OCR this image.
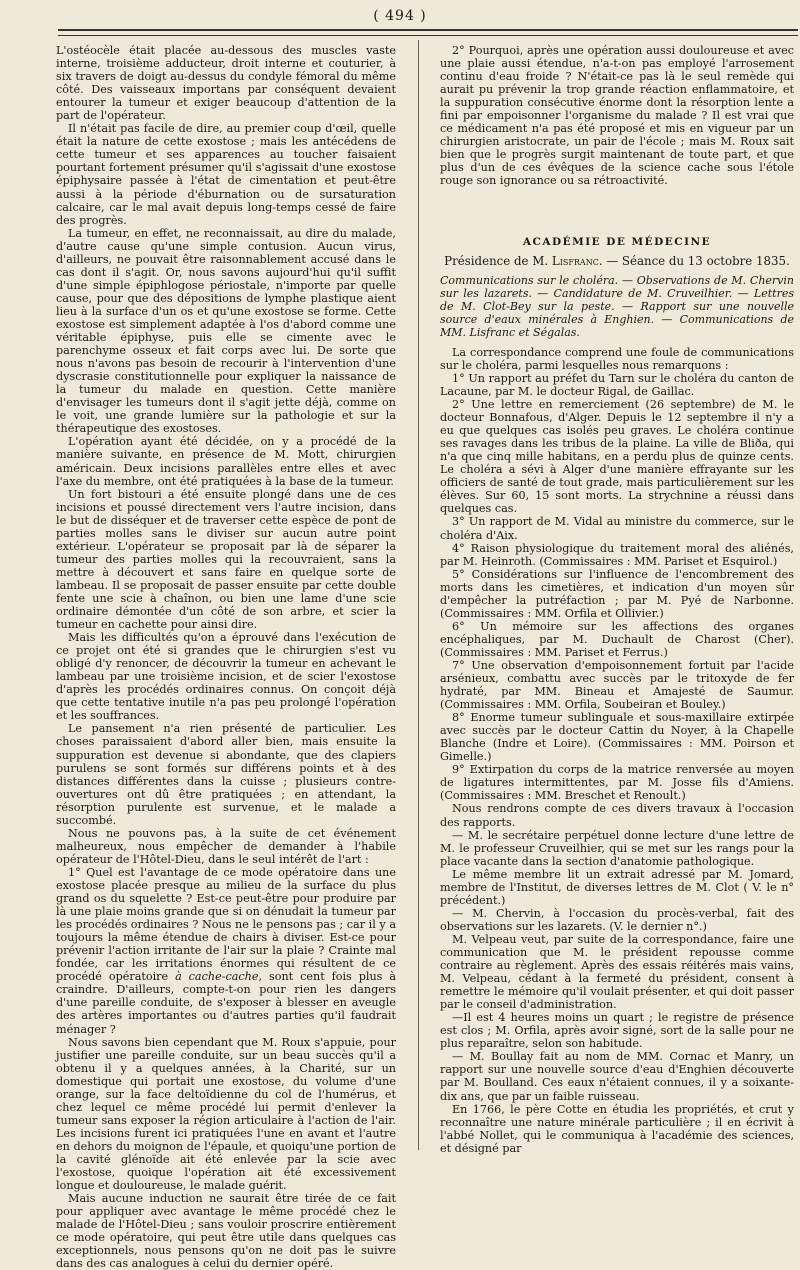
( 494 )

L'ostéocèle était placée au-dessous des muscles vaste interne, troisième adducteur, droit interne et couturier, à six travers de doigt au-dessus du condyle fémoral du même côté. Des vaisseaux importans par conséquent devaient entourer la tumeur et exiger beaucoup d'attention de la part de l'opérateur.

Il n'était pas facile de dire, au premier coup d'œil, quelle était la nature de cette exostose ; mais les antécédens de cette tumeur et ses apparences au toucher faisaient pourtant fortement présumer qu'il s'agissait d'une exostose épiphysaire passée à l'état de cimentation et peut-être aussi à la période d'éburnation ou de sursaturation calcaire, car le mal avait depuis long-temps cessé de faire des progrès.

La tumeur, en effet, ne reconnaissait, au dire du malade, d'autre cause qu'une simple contusion. Aucun virus, d'ailleurs, ne pouvait être raisonnablement accusé dans le cas dont il s'agit. Or, nous savons aujourd'hui qu'il suffit d'une simple épiphlogose périostale, n'importe par quelle cause, pour que des dépositions de lymphe plastique aient lieu à la surface d'un os et qu'une exostose se forme. Cette exostose est simplement adaptée à l'os d'abord comme une véritable épiphyse, puis elle se cimente avec le parenchyme osseux et fait corps avec lui. De sorte que nous n'avons pas besoin de recourir à l'intervention d'une dyscrasie constitutionnelle pour expliquer la naissance de la tumeur du malade en question. Cette manière d'envisager les tumeurs dont il s'agit jette déjà, comme on le voit, une grande lumière sur la pathologie et sur la thérapeutique des exostoses.

L'opération ayant été décidée, on y a procédé de la manière suivante, en présence de M. Mott, chirurgien américain. Deux incisions parallèles entre elles et avec l'axe du membre, ont été pratiquées à la base de la tumeur.

Un fort bistouri a été ensuite plongé dans une de ces incisions et poussé directement vers l'autre incision, dans le but de disséquer et de traverser cette espèce de pont de parties molles sans le diviser sur aucun autre point extérieur. L'opérateur se proposait par là de séparer la tumeur des parties molles qui la recouvraient, sans la mettre à découvert et sans faire en quelque sorte de lambeau. Il se proposait de passer ensuite par cette double fente une scie à chaînon, ou bien une lame d'une scie ordinaire démontée d'un côté de son arbre, et scier la tumeur en cachette pour ainsi dire.

Mais les difficultés qu'on a éprouvé dans l'exécution de ce projet ont été si grandes que le chirurgien s'est vu obligé d'y renoncer, de découvrir la tumeur en achevant le lambeau par une troisième incision, et de scier l'exostose d'après les procédés ordinaires connus. On conçoit déjà que cette tentative inutile n'a pas peu prolongé l'opération et les souffrances.

Le pansement n'a rien présenté de particulier. Les choses paraissaient d'abord aller bien, mais ensuite la suppuration est devenue si abondante, que des clapiers purulens se sont formés sur différens points et à des distances différentes dans la cuisse ; plusieurs contre-ouvertures ont dû être pratiquées ; en attendant, la résorption purulente est survenue, et le malade a succombé.

Nous ne pouvons pas, à la suite de cet événement malheureux, nous empêcher de demander à l'habile opérateur de l'Hôtel-Dieu, dans le seul intérêt de l'art :

1° Quel est l'avantage de ce mode opératoire dans une exostose placée presque au milieu de la surface du plus grand os du squelette ? Est-ce peut-être pour produire par là une plaie moins grande que si on dénudait la tumeur par les procédés ordinaires ? Nous ne le pensons pas ; car il y a toujours la même étendue de chairs à diviser. Est-ce pour prévenir l'action irritante de l'air sur la plaie ? Crainte mal fondée, car les irritations énormes qui résultent de ce procédé opératoire à cache-cache, sont cent fois plus à craindre. D'ailleurs, compte-t-on pour rien les dangers d'une pareille conduite, de s'exposer à blesser en aveugle des artères importantes ou d'autres parties qu'il faudrait ménager ?

Nous savons bien cependant que M. Roux s'appuie, pour justifier une pareille conduite, sur un beau succès qu'il a obtenu il y a quelques années, à la Charité, sur un domestique qui portait une exostose, du volume d'une orange, sur la face deltoïdienne du col de l'humérus, et chez lequel ce même procédé lui permit d'enlever la tumeur sans exposer la région articulaire à l'action de l'air. Les incisions furent ici pratiquées l'une en avant et l'autre en dehors du moignon de l'épaule, et quoiqu'une portion de la cavité glénoïde ait été enlevée par la scie avec l'exostose, quoique l'opération ait été excessivement longue et douloureuse, le malade guérit.

Mais aucune induction ne saurait être tirée de ce fait pour appliquer avec avantage le même procédé chez le malade de l'Hôtel-Dieu ; sans vouloir proscrire entièrement ce mode opératoire, qui peut être utile dans quelques cas exceptionnels, nous pensons qu'on ne doit pas le suivre dans des cas analogues à celui du dernier opéré.

2° Pourquoi, après une opération aussi douloureuse et avec une plaie aussi étendue, n'a-t-on pas employé l'arrosement continu d'eau froide ? N'était-ce pas là le seul remède qui aurait pu prévenir la trop grande réaction enflammatoire, et la suppuration consécutive énorme dont la résorption lente a fini par empoisonner l'organisme du malade ? Il est vrai que ce médicament n'a pas été proposé et mis en vigueur par un chirurgien aristocrate, un pair de l'école ; mais M. Roux sait bien que le progrès surgit maintenant de toute part, et que plus d'un de ces évêques de la science cache sous l'étole rouge son ignorance ou sa rétroactivité.

ACADÉMIE DE MÉDECINE

Présidence de M. Lisfranc. — Séance du 13 octobre 1835.

Communications sur le choléra. — Observations de M. Chervin sur les lazarets. — Candidature de M. Cruveilhier. — Lettres de M. Clot-Bey sur la peste. — Rapport sur une nouvelle source d'eaux minérales à Enghien. — Communications de MM. Lisfranc et Ségalas.

La correspondance comprend une foule de communications sur le choléra, parmi lesquelles nous remarquons :

1° Un rapport au préfet du Tarn sur le choléra du canton de Lacaune, par M. le docteur Rigal, de Gaillac.

2° Une lettre en remerciement (26 septembre) de M. le docteur Bonnafous, d'Alger. Depuis le 12 septembre il n'y a eu que quelques cas isolés peu graves. Le choléra continue ses ravages dans les tribus de la plaine. La ville de Bliða, qui n'a que cinq mille habitans, en a perdu plus de quinze cents. Le choléra a sévi à Alger d'une manière effrayante sur les officiers de santé de tout grade, mais particulièrement sur les élèves. Sur 60, 15 sont morts. La strychnine a réussi dans quelques cas.

3° Un rapport de M. Vidal au ministre du commerce, sur le choléra d'Aix.

4° Raison physiologique du traitement moral des aliénés, par M. Heinroth. (Commissaires : MM. Pariset et Esquirol.)

5° Considérations sur l'influence de l'encombrement des morts dans les cimetières, et indication d'un moyen sûr d'empêcher la putréfaction ; par M. Pyé de Narbonne. (Commissaires : MM. Orfila et Ollivier.)

6° Un mémoire sur les affections des organes encéphaliques, par M. Duchault de Charost (Cher). (Commissaires : MM. Pariset et Ferrus.)

7° Une observation d'empoisonnement fortuit par l'acide arsénieux, combattu avec succès par le tritoxyde de fer hydraté, par MM. Bineau et Amajesté de Saumur. (Commissaires : MM. Orfila, Soubeiran et Bouley.)

8° Enorme tumeur sublinguale et sous-maxillaire extirpée avec succès par le docteur Cattin du Noyer, à la Chapelle Blanche (Indre et Loire). (Commissaires : MM. Poirson et Gimelle.)

9° Extirpation du corps de la matrice renversée au moyen de ligatures intermittentes, par M. Josse fils d'Amiens. (Commissaires : MM. Breschet et Renoult.)

Nous rendrons compte de ces divers travaux à l'occasion des rapports.

— M. le secrétaire perpétuel donne lecture d'une lettre de M. le professeur Cruveilhier, qui se met sur les rangs pour la place vacante dans la section d'anatomie pathologique.

Le même membre lit un extrait adressé par M. Jomard, membre de l'Institut, de diverses lettres de M. Clot ( V. le n° précédent.)

— M. Chervin, à l'occasion du procès-verbal, fait des observations sur les lazarets. (V. le dernier n°.)

M. Velpeau veut, par suite de la correspondance, faire une communication que M. le président repousse comme contraire au règlement. Après des essais réitérés mais vains, M. Velpeau, cédant à la fermeté du président, consent à remettre le mémoire qu'il voulait présenter, et qui doit passer par le conseil d'administration.

—Il est 4 heures moins un quart ; le registre de présence est clos ; M. Orfila, après avoir signé, sort de la salle pour ne plus reparaître, selon son habitude.

— M. Boullay fait au nom de MM. Cornac et Manry, un rapport sur une nouvelle source d'eau d'Enghien découverte par M. Boulland. Ces eaux n'étaient connues, il y a soixante-dix ans, que par un faible ruisseau.

En 1766, le père Cotte en étudia les propriétés, et crut y reconnaître une nature minérale particulière ; il en écrivit à l'abbé Nollet, qui le communiqua à l'académie des sciences, et désigné par
